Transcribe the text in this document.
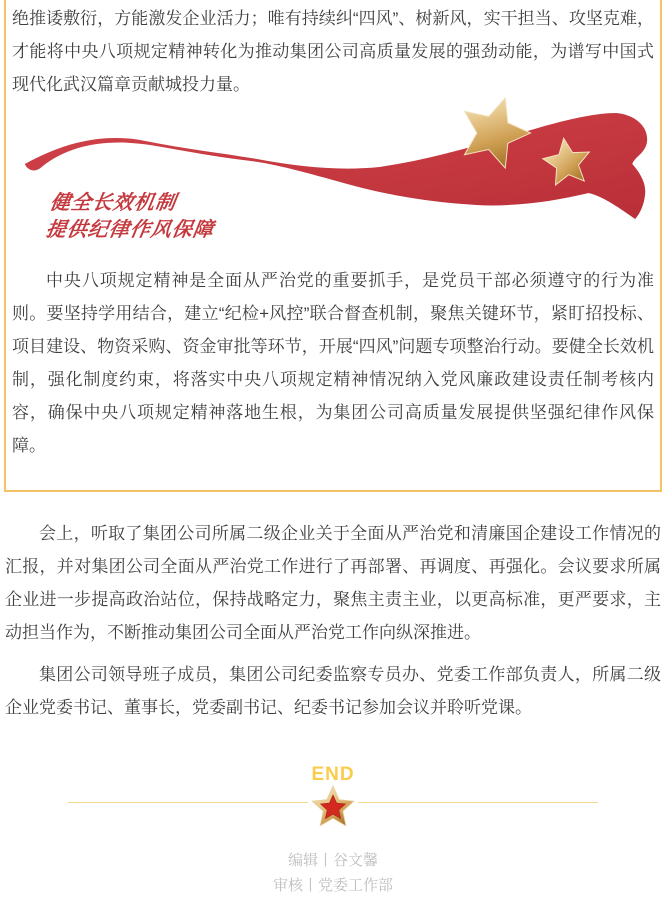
绝推诿敷衍，方能激发企业活力；唯有持续纠“四风”、树新风，实干担当、攻坚克难，才能将中央八项规定精神转化为推动集团公司高质量发展的强劲动能，为谱写中国式现代化武汉篇章贡献城投力量。

健全长效机制
提供纪律作风保障

中央八项规定精神是全面从严治党的重要抓手，是党员干部必须遵守的行为准则。要坚持学用结合，建立“纪检+风控”联合督查机制，聚焦关键环节，紧盯招投标、项目建设、物资采购、资金审批等环节，开展“四风”问题专项整治行动。要健全长效机制，强化制度约束，将落实中央八项规定精神情况纳入党风廉政建设责任制考核内容，确保中央八项规定精神落地生根，为集团公司高质量发展提供坚强纪律作风保障。

会上，听取了集团公司所属二级企业关于全面从严治党和清廉国企建设工作情况的汇报，并对集团公司全面从严治党工作进行了再部署、再调度、再强化。会议要求所属企业进一步提高政治站位，保持战略定力，聚焦主责主业，以更高标准，更严要求，主动担当作为，不断推动集团公司全面从严治党工作向纵深推进。

集团公司领导班子成员，集团公司纪委监察专员办、党委工作部负责人，所属二级企业党委书记、董事长，党委副书记、纪委书记参加会议并聆听党课。

END
编辑丨谷文馨
审核丨党委工作部
